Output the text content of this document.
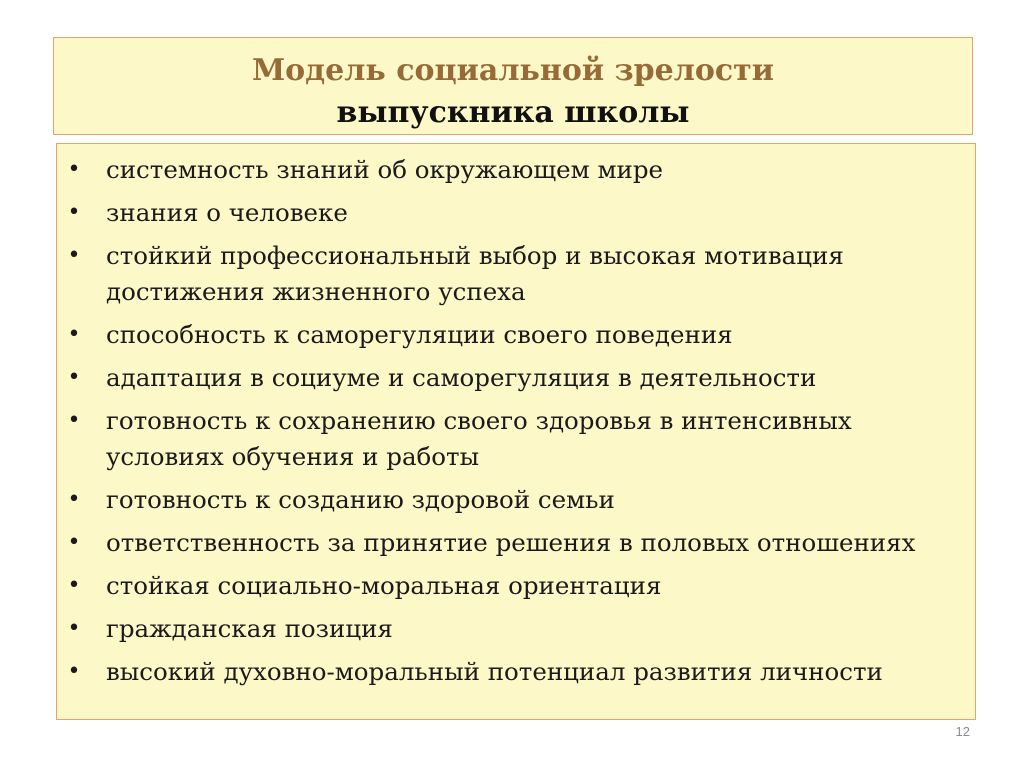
Модель социальной зрелости
выпускника школы
• системность знаний об окружающем мире
• знания о человеке
• стойкий профессиональный выбор и высокая мотивация достижения жизненного успеха
• способность к саморегуляции своего поведения
• адаптация в социуме и саморегуляция в деятельности
• готовность к сохранению своего здоровья в интенсивных условиях обучения и работы
• готовность к созданию здоровой семьи
• ответственность за принятие решения в половых отношениях
• стойкая социально-моральная ориентация
• гражданская позиция
• высокий духовно-моральный потенциал развития личности
12
